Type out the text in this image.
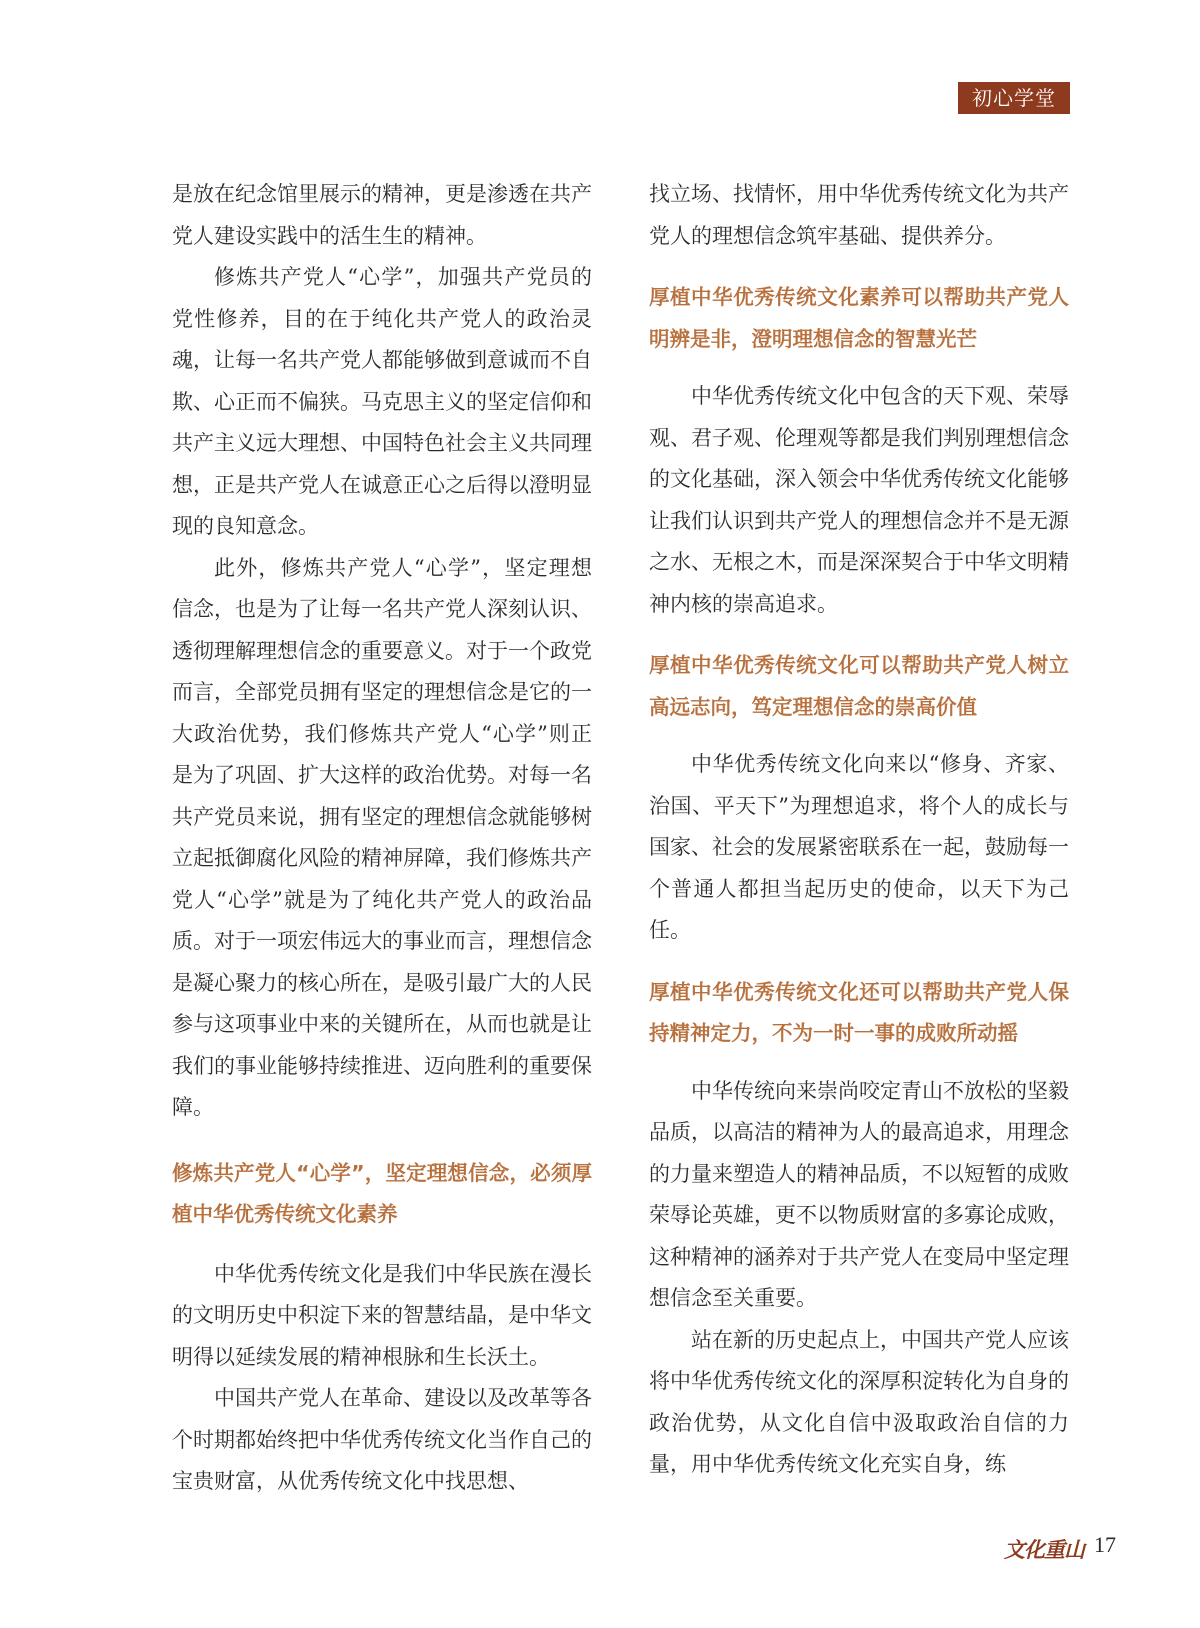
初心学堂

是放在纪念馆里展示的精神，更是渗透在共产党人建设实践中的活生生的精神。

修炼共产党人“心学”，加强共产党员的党性修养，目的在于纯化共产党人的政治灵魂，让每一名共产党人都能够做到意诚而不自欺、心正而不偏狭。马克思主义的坚定信仰和共产主义远大理想、中国特色社会主义共同理想，正是共产党人在诚意正心之后得以澄明显现的良知意念。

此外，修炼共产党人“心学”，坚定理想信念，也是为了让每一名共产党人深刻认识、透彻理解理想信念的重要意义。对于一个政党而言，全部党员拥有坚定的理想信念是它的一大政治优势，我们修炼共产党人“心学”则正是为了巩固、扩大这样的政治优势。对每一名共产党员来说，拥有坚定的理想信念就能够树立起抵御腐化风险的精神屏障，我们修炼共产党人“心学”就是为了纯化共产党人的政治品质。对于一项宏伟远大的事业而言，理想信念是凝心聚力的核心所在，是吸引最广大的人民参与这项事业中来的关键所在，从而也就是让我们的事业能够持续推进、迈向胜利的重要保障。

修炼共产党人“心学”，坚定理想信念，必须厚植中华优秀传统文化素养

中华优秀传统文化是我们中华民族在漫长的文明历史中积淀下来的智慧结晶，是中华文明得以延续发展的精神根脉和生长沃土。

中国共产党人在革命、建设以及改革等各个时期都始终把中华优秀传统文化当作自己的宝贵财富，从优秀传统文化中找思想、

找立场、找情怀，用中华优秀传统文化为共产党人的理想信念筑牢基础、提供养分。

厚植中华优秀传统文化素养可以帮助共产党人明辨是非，澄明理想信念的智慧光芒

中华优秀传统文化中包含的天下观、荣辱观、君子观、伦理观等都是我们判别理想信念的文化基础，深入领会中华优秀传统文化能够让我们认识到共产党人的理想信念并不是无源之水、无根之木，而是深深契合于中华文明精神内核的崇高追求。

厚植中华优秀传统文化可以帮助共产党人树立高远志向，笃定理想信念的崇高价值

中华优秀传统文化向来以“修身、齐家、治国、平天下”为理想追求，将个人的成长与国家、社会的发展紧密联系在一起，鼓励每一个普通人都担当起历史的使命，以天下为己任。

厚植中华优秀传统文化还可以帮助共产党人保持精神定力，不为一时一事的成败所动摇

中华传统向来崇尚咬定青山不放松的坚毅品质，以高洁的精神为人的最高追求，用理念的力量来塑造人的精神品质，不以短暂的成败荣辱论英雄，更不以物质财富的多寡论成败，这种精神的涵养对于共产党人在变局中坚定理想信念至关重要。

站在新的历史起点上，中国共产党人应该将中华优秀传统文化的深厚积淀转化为自身的政治优势，从文化自信中汲取政治自信的力量，用中华优秀传统文化充实自身，练

文化重山 17
